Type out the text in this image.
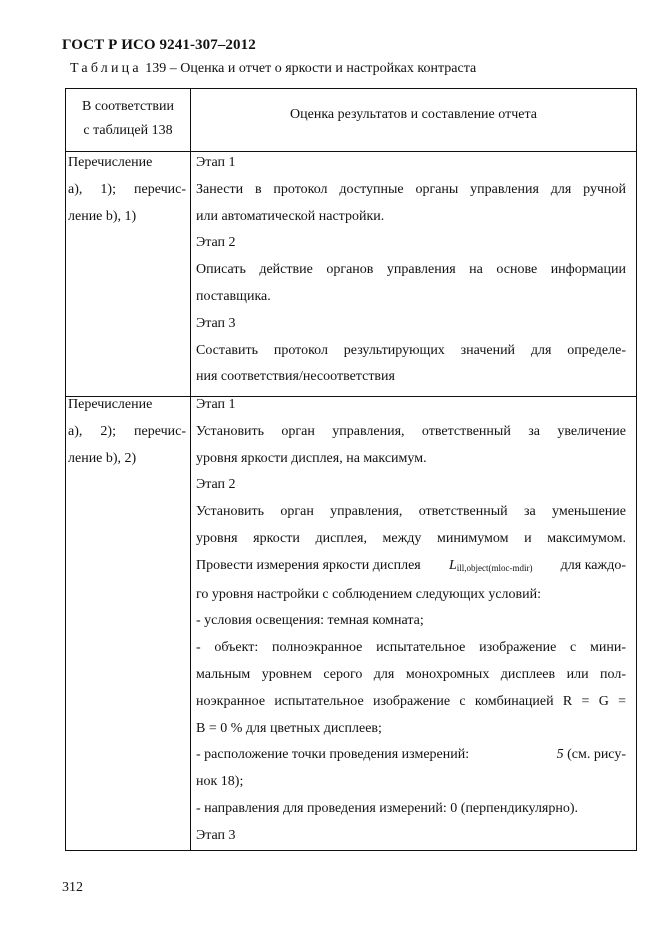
ГОСТ Р ИСО 9241-307–2012
Таблица 139 – Оценка и отчет о яркости и настройках контраста
В соответствии
с таблицей 138
Оценка результатов и составление отчета
Перечисление
а), 1); перечис-
ление b), 1)
Этап 1
Занести в протокол доступные органы управления для ручной
или автоматической настройки.
Этап 2
Описать действие органов управления на основе информации
поставщика.
Этап 3
Составить протокол результирующих значений для определе-
ния соответствия/несоответствия
Перечисление
а), 2); перечис-
ление b), 2)
Этап 1
Установить орган управления, ответственный за увеличение
уровня яркости дисплея, на максимум.
Этап 2
Установить орган управления, ответственный за уменьшение
уровня яркости дисплея, между минимумом и максимумом.
Провести измерения яркости дисплея $L_{ill,object(mloc-mdir)}$ для каждо-
го уровня настройки с соблюдением следующих условий:
- условия освещения: темная комната;
- объект: полноэкранное испытательное изображение с мини-
мальным уровнем серого для монохромных дисплеев или пол-
ноэкранное испытательное изображение с комбинацией R = G =
B = 0 % для цветных дисплеев;
- расположение точки проведения измерений:	5 (см. рису-
нок 18);
- направления для проведения измерений: 0 (перпендикулярно).
Этап 3
312
